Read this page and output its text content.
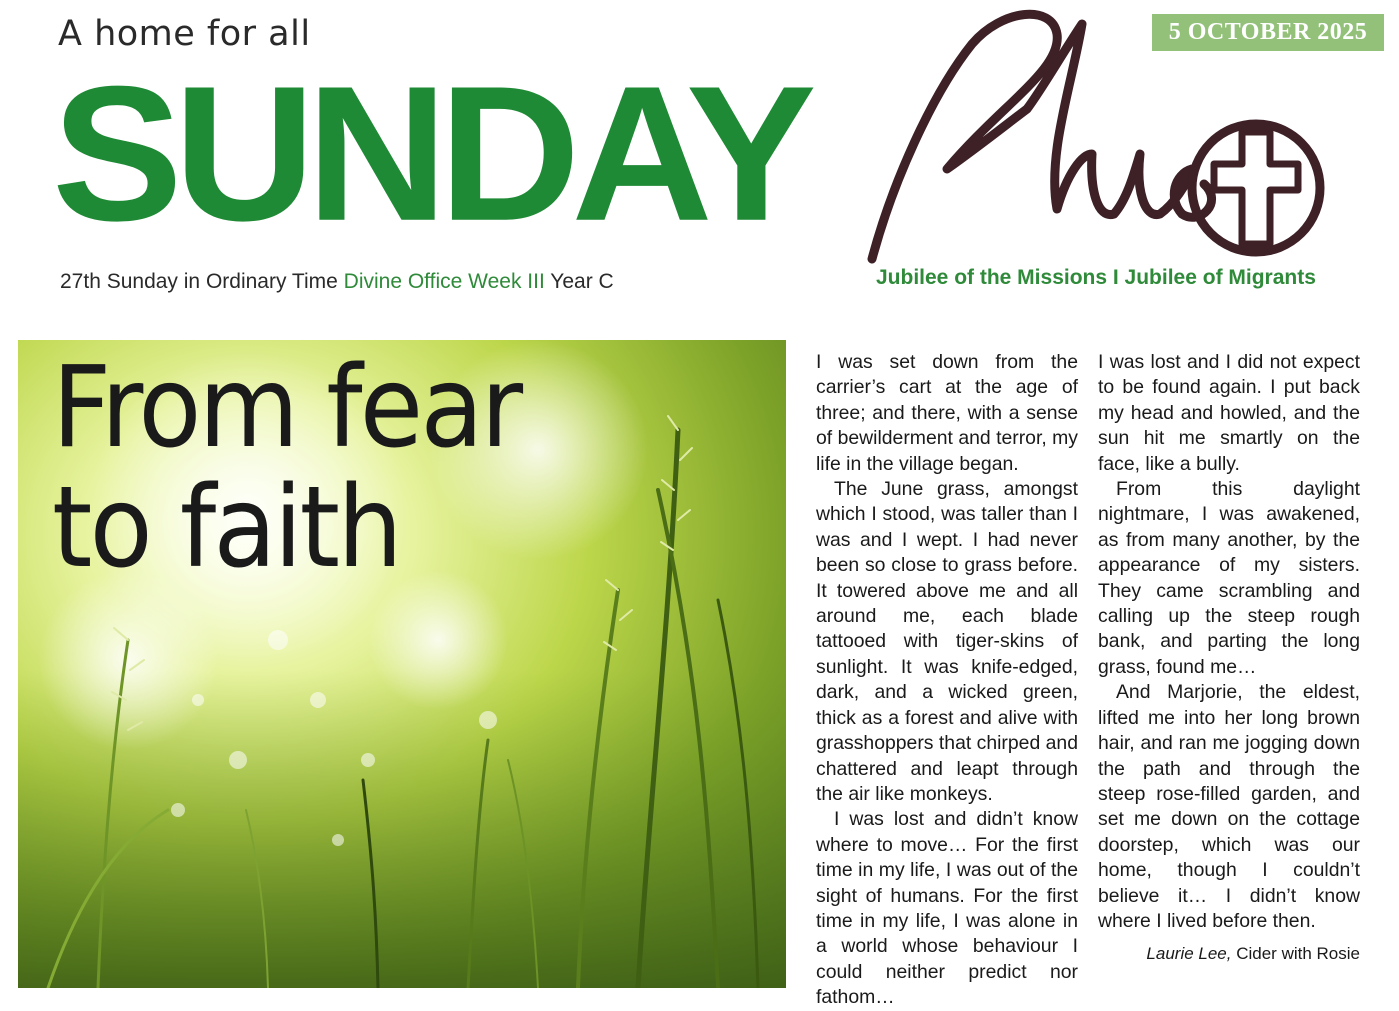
A home for all	5 OCTOBER 2025
SUNDAY
27th Sunday in Ordinary Time Divine Office Week III Year C	Jubilee of the Missions I Jubilee of Migrants
From fear
to faith

I was set down from the carrier’s cart at the age of three; and there, with a sense of bewilderment and terror, my life in the village began.

The June grass, amongst which I stood, was taller than I was and I wept. I had never been so close to grass before. It towered above me and all around me, each blade tattooed with tiger-skins of sunlight. It was knife-edged, dark, and a wicked green, thick as a forest and alive with grasshoppers that chirped and chattered and leapt through the air like monkeys.

I was lost and didn’t know where to move… For the first time in my life, I was out of the sight of humans. For the first time in my life, I was alone in a world whose behaviour I could neither predict nor fathom…

I was lost and I did not expect to be found again. I put back my head and howled, and the sun hit me smartly on the face, like a bully.

From this daylight nightmare, I was awakened, as from many another, by the appearance of my sisters. They came scrambling and calling up the steep rough bank, and parting the long grass, found me…

And Marjorie, the eldest, lifted me into her long brown hair, and ran me jogging down the path and through the steep rose-filled garden, and set me down on the cottage doorstep, which was our home, though I couldn’t believe it… I didn’t know where I lived before then.

Laurie Lee, Cider with Rosie
